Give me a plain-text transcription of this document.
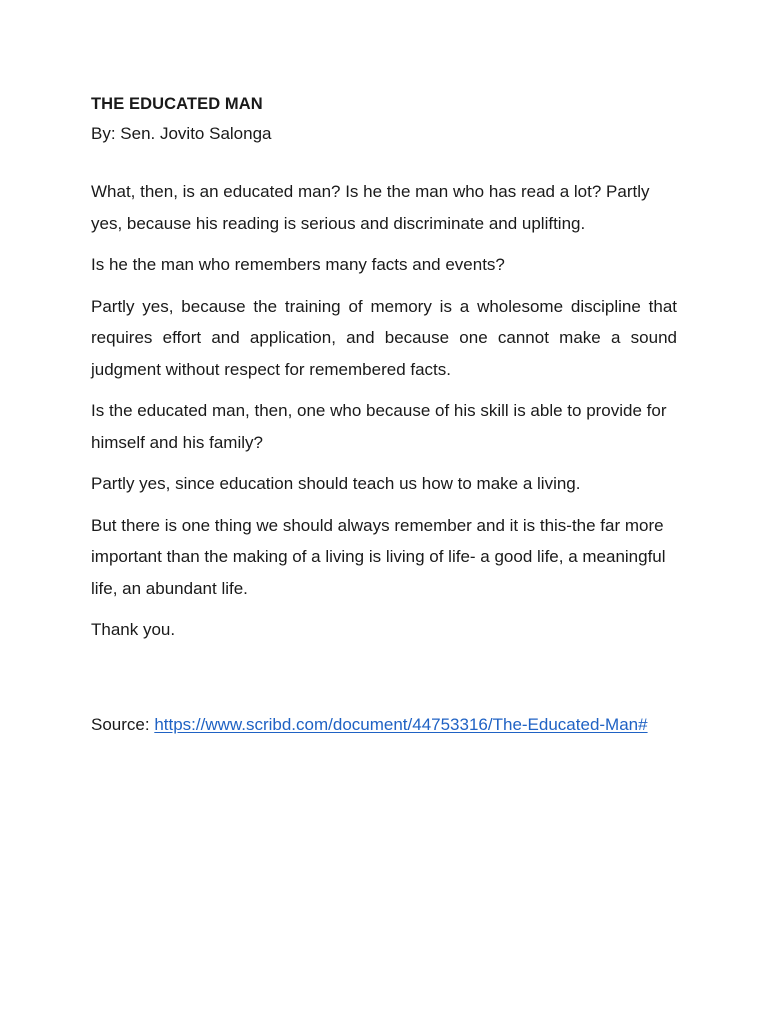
THE EDUCATED MAN

By: Sen. Jovito Salonga

What, then, is an educated man? Is he the man who has read a lot? Partly yes, because his reading is serious and discriminate and uplifting.

Is he the man who remembers many facts and events?

Partly yes, because the training of memory is a wholesome discipline that requires effort and application, and because one cannot make a sound judgment without respect for remembered facts.

Is the educated man, then, one who because of his skill is able to provide for himself and his family?

Partly yes, since education should teach us how to make a living.

But there is one thing we should always remember and it is this-the far more important than the making of a living is living of life- a good life, a meaningful life, an abundant life.

Thank you.

Source: https://www.scribd.com/document/44753316/The-Educated-Man#
